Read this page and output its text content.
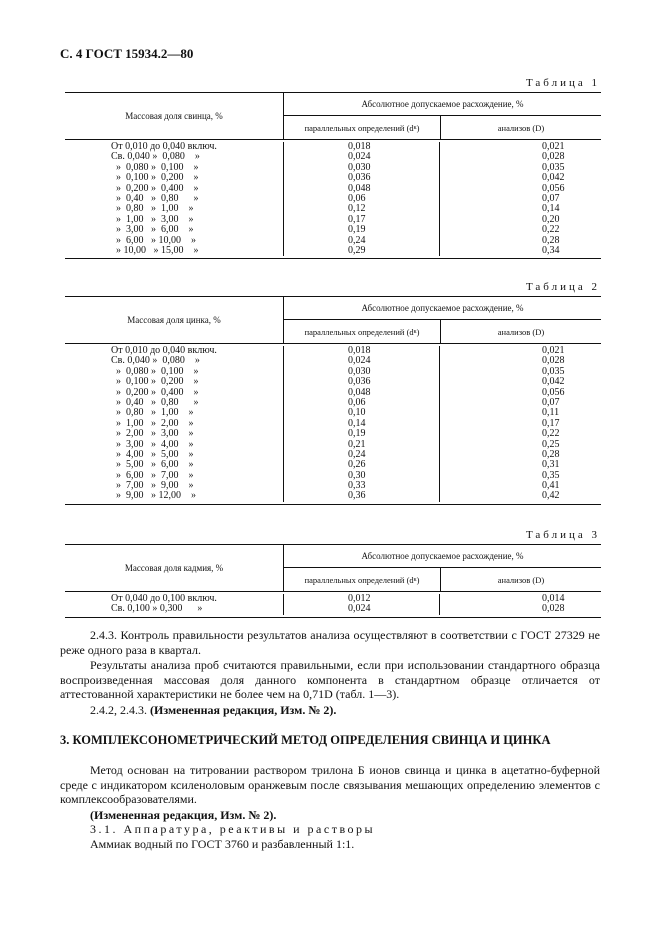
С. 4 ГОСТ 15934.2—80
Таблица 1
Массовая доля свинца, %
Абсолютное допускаемое расхождение, %
параллельных определений (d к )	анализов (D)
От 0,010 до 0,040 включ.	0,018	0,021
Св. 0,040 »  0,080    »	0,024	0,028
»  0,080 »  0,100    »	0,030	0,035
»  0,100 »  0,200    »	0,036	0,042
»  0,200 »  0,400    »	0,048	0,056
»  0,40   »  0,80      »	0,06	0,07
»  0,80   »  1,00    »	0,12	0,14
»  1,00   »  3,00    »	0,17	0,20
»  3,00   »  6,00    »	0,19	0,22
»  6,00   » 10,00    »	0,24	0,28
» 10,00   » 15,00    »	0,29	0,34
Таблица 2
Массовая доля цинка, %
Абсолютное допускаемое расхождение, %
параллельных определений (d к )	анализов (D)
От 0,010 до 0,040 включ.	0,018	0,021
Св. 0,040 »  0,080    »	0,024	0,028
»  0,080 »  0,100    »	0,030	0,035
»  0,100 »  0,200    »	0,036	0,042
»  0,200 »  0,400    »	0,048	0,056
»  0,40   »  0,80      »	0,06	0,07
»  0,80   »  1,00    »	0,10	0,11
»  1,00   »  2,00    »	0,14	0,17
»  2,00   »  3,00    »	0,19	0,22
»  3,00   »  4,00    »	0,21	0,25
»  4,00   »  5,00    »	0,24	0,28
»  5,00   »  6,00    »	0,26	0,31
»  6,00   »  7,00    »	0,30	0,35
»  7,00   »  9,00    »	0,33	0,41
»  9,00   » 12,00    »	0,36	0,42
Таблица 3
Массовая доля кадмия, %
Абсолютное допускаемое расхождение, %
параллельных определений (d к )	анализов (D)
От 0,040 до 0,100 включ.	0,012	0,014
Св. 0,100 » 0,300      »	0,024	0,028
2.4.3. Контроль правильности результатов анализа осуществляют в соответствии с ГОСТ 27329 не реже одного раза в квартал.
Результаты анализа проб считаются правильными, если при использовании стандартного образца воспроизведенная массовая доля данного компонента в стандартном образце отличается от аттестованной характеристики не более чем на 0,71D (табл. 1—3).
2.4.2, 2.4.3. (Измененная редакция, Изм. № 2).
3. КОМПЛЕКСОНОМЕТРИЧЕСКИЙ МЕТОД ОПРЕДЕЛЕНИЯ СВИНЦА И ЦИНКА
Метод основан на титровании раствором трилона Б ионов свинца и цинка в ацетатно-буферной среде с индикатором ксиленоловым оранжевым после связывания мешающих определению элементов с комплексообразователями.
(Измененная редакция, Изм. № 2).
3.1. Аппаратура, реактивы и растворы
Аммиак водный по ГОСТ 3760 и разбавленный 1:1.
